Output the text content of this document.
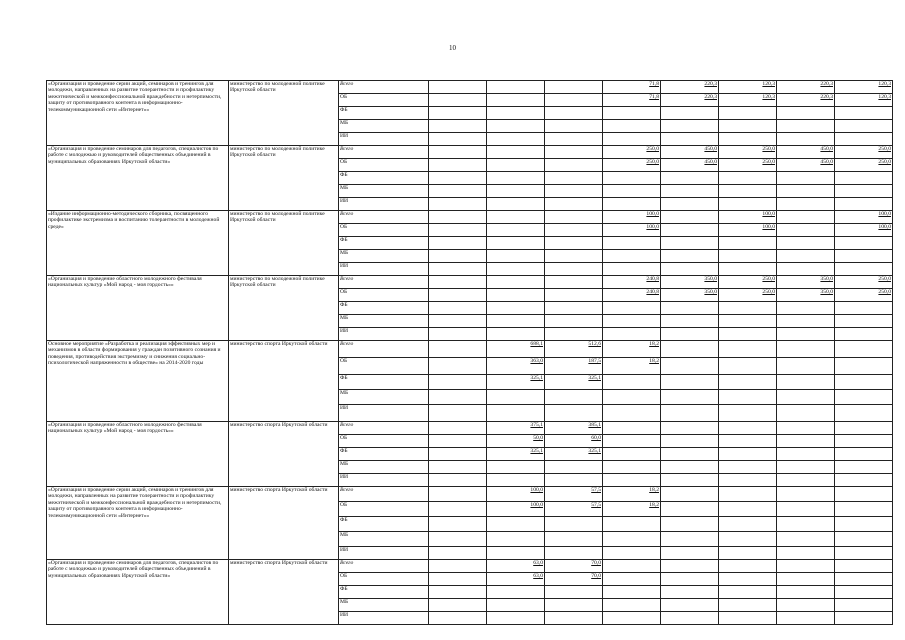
10
«Организация и проведение серии акций, семинаров и тренингов для молодежи, направленных на развитие толерантности и профилактику межэтнической и межконфессиональной враждебности и нетерпимости, защиту от противоправного контента в информационно-телекоммуникационной сети «Интернет»»	министерство по молодежной политике Иркутской области	Всего				71,8	220,3	120,3	220,3	120,3
		ОБ				71,8	220,3	120,3	220,3	120,3
		ФБ								
		МБ								
		ИИ								
«Организация и проведение семинаров для педагогов, специалистов по работе с молодежью и руководителей общественных объединений в муниципальных образованиях Иркутской области»	министерство по молодежной политике Иркутской области	Всего				250,0	450,0	250,0	450,0	250,0
		ОБ				250,0	450,0	250,0	450,0	250,0
		ФБ								
		МБ								
		ИИ								
«Издание информационно-методического сборника, посвященного профилактике экстремизма и воспитанию толерантности в молодежной среде»	министерство по молодежной политике Иркутской области	Всего				100,0		100,0		100,0
		ОБ				100,0		100,0		100,0
		ФБ								
		МБ								
		ИИ								
«Организация и проведение областного молодежного фестиваля национальных культур «Мой народ - моя гордость»»	министерство по молодежной политике Иркутской области	Всего				240,8	350,0	250,0	350,0	250,0
		ОБ				240,8	350,0	250,0	350,0	250,0
		ФБ								
		МБ								
		ИИ								
Основное мероприятие «Разработка и реализация эффективных мер и механизмов в области формирования у граждан позитивного сознания и поведения, противодействия экстремизму и снижения социально-психологической напряженности в обществе» на 2014-2020 годы	министерство спорта Иркутской области	Всего		688,1	512,6	18,2				
		ОБ		363,0	187,5	18,2				
		ФБ		325,1	325,1					
		МБ								
		ИИ								
«Организация и проведение областного молодежного фестиваля национальных культур «Мой народ - моя гордость»»	министерство спорта Иркутской области	Всего		375,1	385,1					
		ОБ		50,0	60,0					
		ФБ		325,1	325,1					
		МБ								
		ИИ								
«Организация и проведение серии акций, семинаров и тренингов для молодежи, направленных на развитие толерантности и профилактику межэтнической и межконфессиональной враждебности и нетерпимости, защиту от противоправного контента в информационно-телекоммуникационной сети «Интернет»»	министерство спорта Иркутской области	Всего		100,0	57,5	18,2				
		ОБ		100,0	57,5	18,2				
		ФБ								
		МБ								
		ИИ								
«Организация и проведение семинаров для педагогов, специалистов по работе с молодежью и руководителей общественных объединений в муниципальных образованиях Иркутской области»	министерство спорта Иркутской области	Всего		63,0	70,0					
		ОБ		63,0	70,0					
		ФБ								
		МБ								
		ИИ								
